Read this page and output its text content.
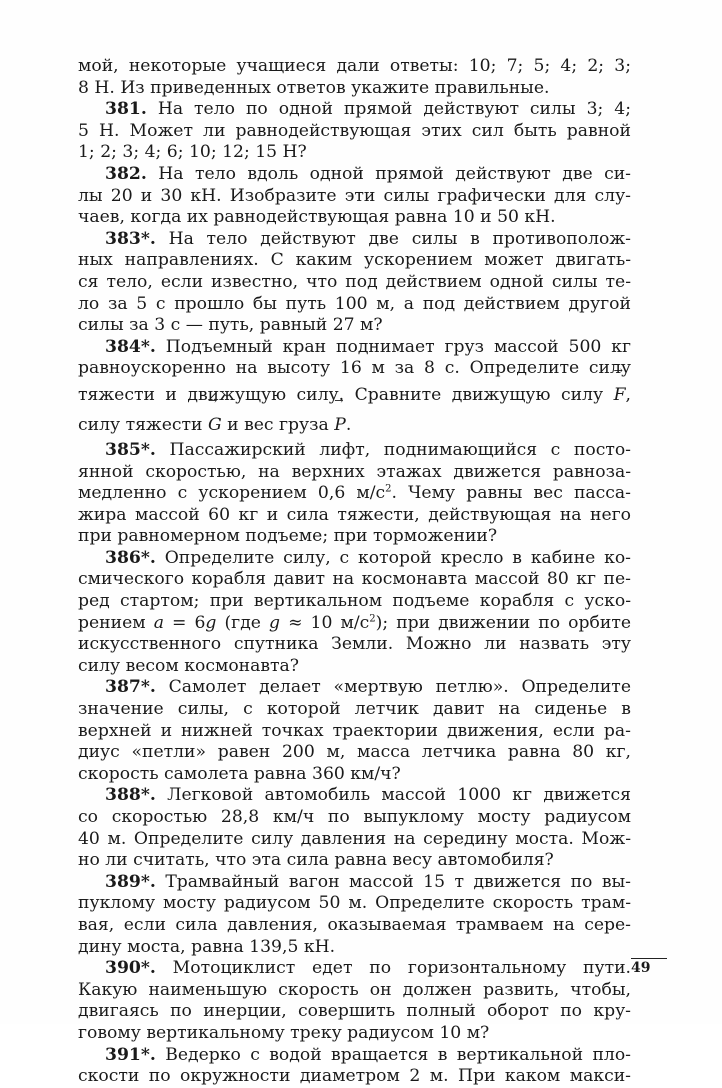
мой, некоторые учащиеся дали ответы: 10; 7; 5; 4; 2; 3;
8 Н. Из приведенных ответов укажите правильные.
381. На тело по одной прямой действуют силы 3; 4;
5 Н. Может ли равнодействующая этих сил быть равной
1; 2; 3; 4; 6; 10; 12; 15 Н?
382. На тело вдоль одной прямой действуют две си-
лы 20 и 30 кН. Изобразите эти силы графически для слу-
чаев, когда их равнодействующая равна 10 и 50 кН.
383*. На тело действуют две силы в противополож-
ных направлениях. С каким ускорением может двигать-
ся тело, если известно, что под действием одной силы те-
ло за 5 с прошло бы путь 100 м, а под действием другой
силы за 3 с — путь, равный 27 м?
384*. Подъемный кран поднимает груз массой 500 кг
равноускоренно на высоту 16 м за 8 с. Определите силу
тяжести и движущую силу. Сравните движущую силу → F,
силу тяжести → G и вес груза → P.
385*. Пассажирский лифт, поднимающийся с посто-
янной скоростью, на верхних этажах движется равноза-
медленно с ускорением 0,6 $м/с^2$. Чему равны вес пасса-
жира массой 60 кг и сила тяжести, действующая на него
при равномерном подъеме; при торможении?
386*. Определите силу, с которой кресло в кабине ко-
смического корабля давит на космонавта массой 80 кг пе-
ред стартом; при вертикальном подъеме корабля с уско-
рением a = 6g (где g ≈ 10 $м/с^2$); при движении по орбите
искусственного спутника Земли. Можно ли назвать эту
силу весом космонавта?
387*. Самолет делает «мертвую петлю». Определите
значение силы, с которой летчик давит на сиденье в
верхней и нижней точках траектории движения, если ра-
диус «петли» равен 200 м, масса летчика равна 80 кг,
скорость самолета равна 360 км/ч?
388*. Легковой автомобиль массой 1000 кг движется
со скоростью 28,8 км/ч по выпуклому мосту радиусом
40 м. Определите силу давления на середину моста. Мож-
но ли считать, что эта сила равна весу автомобиля?
389*. Трамвайный вагон массой 15 т движется по вы-
пуклому мосту радиусом 50 м. Определите скорость трам-
вая, если сила давления, оказываемая трамваем на сере-
дину моста, равна 139,5 кН.
390*. Мотоциклист едет по горизонтальному пути.
Какую наименьшую скорость он должен развить, чтобы,
двигаясь по инерции, совершить полный оборот по кру-
говому вертикальному треку радиусом 10 м?
391*. Ведерко с водой вращается в вертикальной пло-
скости по окружности диаметром 2 м. При каком макси-
49
